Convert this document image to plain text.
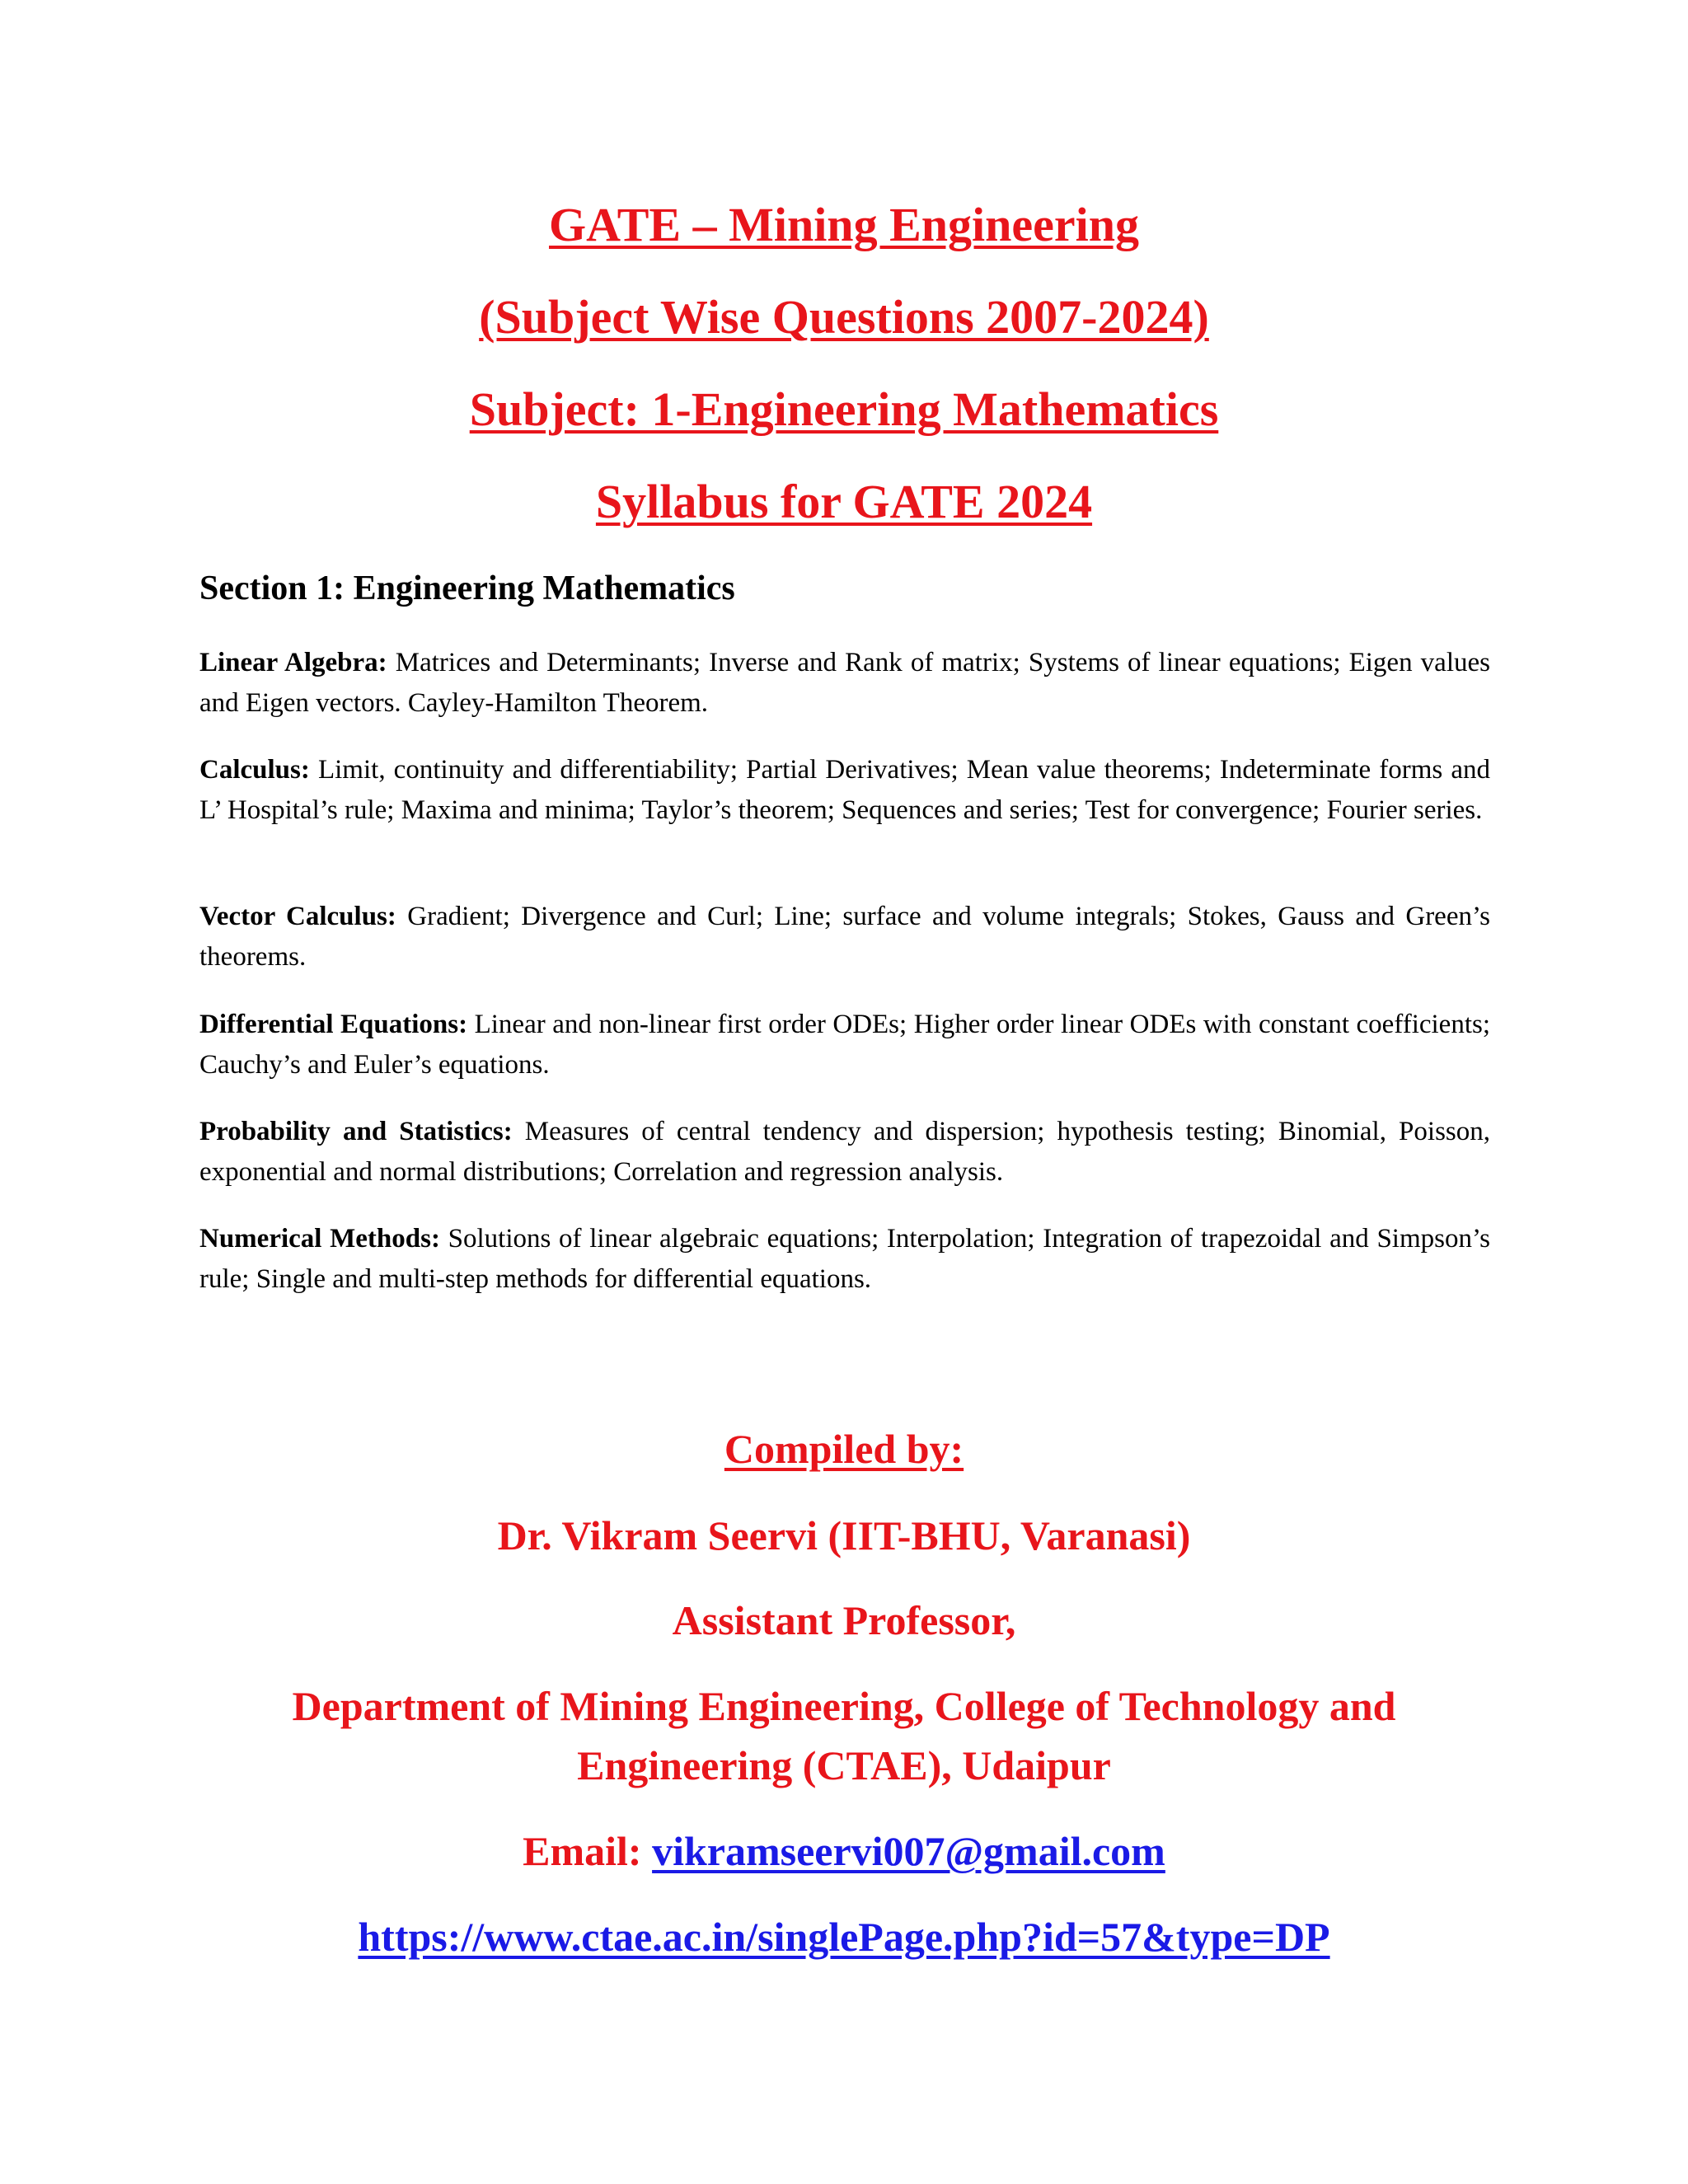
GATE – Mining Engineering
(Subject Wise Questions 2007-2024)
Subject: 1-Engineering Mathematics
Syllabus for GATE 2024
Section 1: Engineering Mathematics

Linear Algebra: Matrices and Determinants; Inverse and Rank of matrix; Systems of linear equations; Eigen values and Eigen vectors. Cayley-Hamilton Theorem.

Calculus: Limit, continuity and differentiability; Partial Derivatives; Mean value theorems; Indeterminate forms and L’ Hospital’s rule; Maxima and minima; Taylor’s theorem; Sequences and series; Test for convergence; Fourier series.

Vector Calculus: Gradient; Divergence and Curl; Line; surface and volume integrals; Stokes, Gauss and Green’s theorems.

Differential Equations: Linear and non-linear first order ODEs; Higher order linear ODEs with constant coefficients; Cauchy’s and Euler’s equations.

Probability and Statistics: Measures of central tendency and dispersion; hypothesis testing; Binomial, Poisson, exponential and normal distributions; Correlation and regression analysis.

Numerical Methods: Solutions of linear algebraic equations; Interpolation; Integration of trapezoidal and Simpson’s rule; Single and multi-step methods for differential equations.

Compiled by:

Dr. Vikram Seervi (IIT-BHU, Varanasi)

Assistant Professor,

Department of Mining Engineering, College of Technology and

Engineering (CTAE), Udaipur

Email: vikramseervi007@gmail.com

https://www.ctae.ac.in/singlePage.php?id=57&type=DP
